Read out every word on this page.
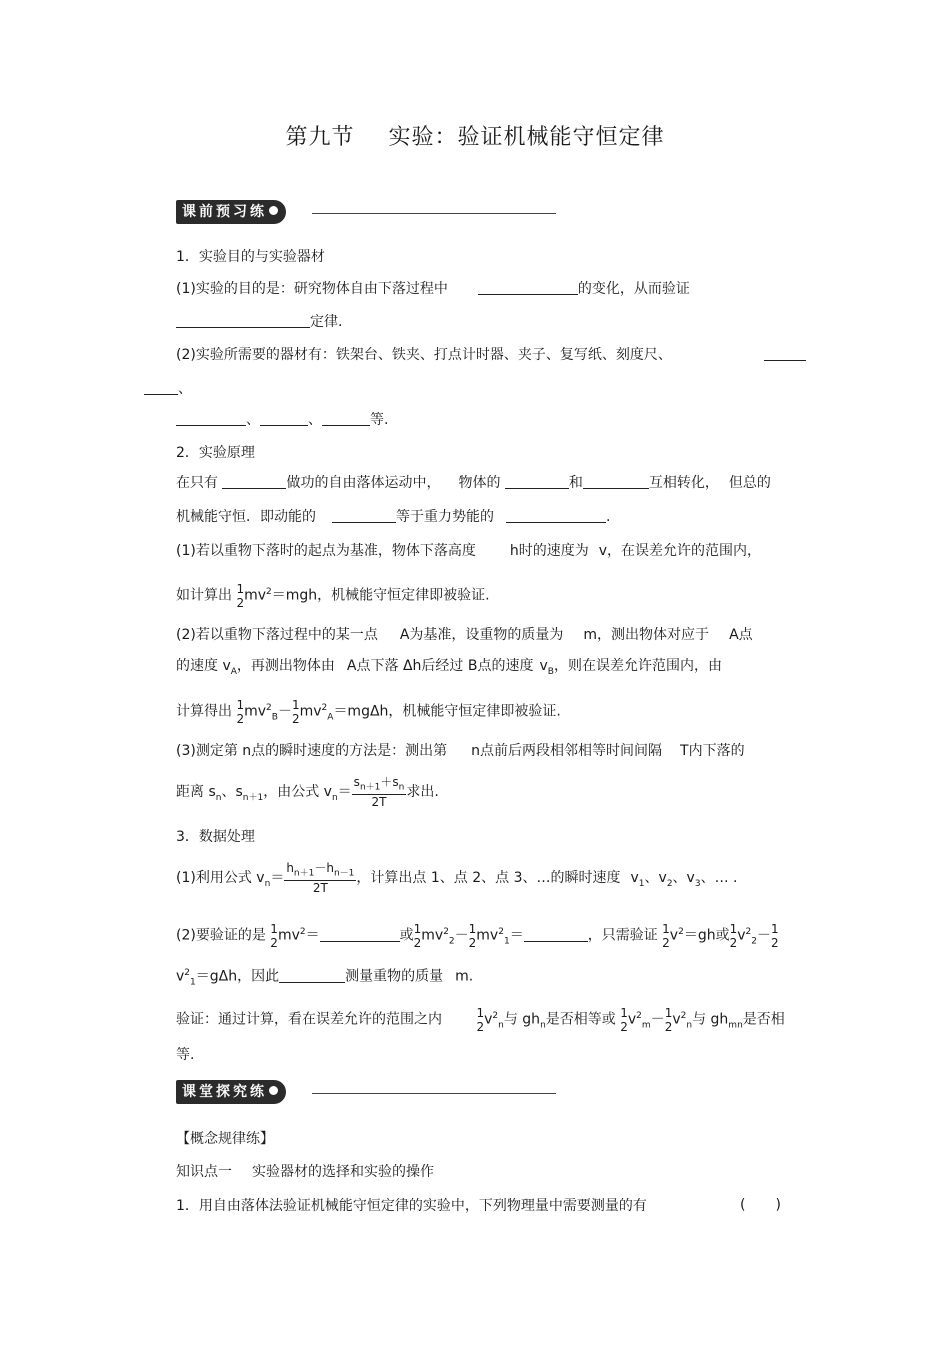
第九节 实验：验证机械能守恒定律
课前预习练
1．实验目的与实验器材
(1)实验的目的是：研究物体自由下落过程中	的变化，从而验证
定律.
(2)实验所需要的器材有：铁架台、铁夹、打点计时器、夹子、复写纸、刻度尺、
、
、	、	等.
2．实验原理
在只有	做功的自由落体运动中， 物体的	和	互相转化， 但总的
机械能守恒．即动能的	等于重力势能的	.
(1)若以重物下落时的起点为基准，物体下落高度 h时的速度为 v，在误差允许的范围内，
如计算出 1
2 $mv^2=mgh$，机械能守恒定律即被验证.
(2)若以重物下落过程中的某一点 A为基准，设重物的质量为 m，测出物体对应于 A点
的速度 $v_A$，再测出物体由 A点下落 Δh后经过 B点的速度 $v_B$，则在误差允许范围内，由
计算得出 1
2 $mv^2_B- 1$
2 $mv^2_A=mg\Delta h$，机械能守恒定律即被验证.
(3)测定第 n点的瞬时速度的方法是：测出第 n点前后两段相邻相等时间间隔 T内下落的
距离 $s_n$、$s_{n+1}$，由公式 $v_n= \frac{s_{n+1}+s_n}{2T}$ 求出.
3．数据处理
(1)利用公式 $v_n= \frac{h_{n+1}-h_{n-1}}{2T}$ ，计算出点 1、点 2、点 3、…的瞬时速度 $v_1$、$v_2$、$v_3$、… .
(2)要验证的是 1
2 $mv^2=$	或 1
2 $mv^2_2- 1$
2 $mv^2_1=$	，只需验证 1
2 $v^2=gh$或 1
2 $v^2_2- 1$
2
$v^2_1=g\Delta h$，因此	测量重物的质量 m.
验证：通过计算，看在误差允许的范围之内	1
2 $v^2_n$与 $gh_n$是否相等或 1
2 $v^2_m- 1$
2 $v^2_n$与 $gh_{mn}$是否相
等.
课堂探究练
【概念规律练】
知识点一 实验器材的选择和实验的操作
1．用自由落体法验证机械能守恒定律的实验中，下列物理量中需要测量的有	( )
